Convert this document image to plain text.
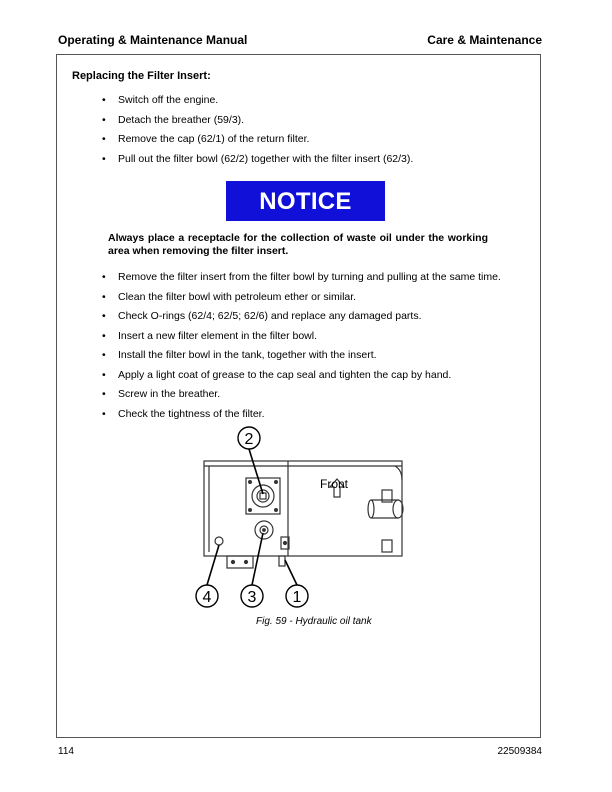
Operating & Maintenance Manual	Care & Maintenance
Replacing the Filter Insert:
• Switch off the engine.
• Detach the breather (59/3).
• Remove the cap (62/1) of the return filter.
• Pull out the filter bowl (62/2) together with the filter insert (62/3).
NOTICE
Always place a receptacle for the collection of waste oil under the working area when removing the filter insert.
• Remove the filter insert from the filter bowl by turning and pulling at the same time.
• Clean the filter bowl with petroleum ether or similar.
• Check O-rings (62/4; 62/5; 62/6) and replace any damaged parts.
• Insert a new filter element in the filter bowl.
• Install the filter bowl in the tank, together with the insert.
• Apply a light coat of grease to the cap seal and tighten the cap by hand.
• Screw in the breather.
• Check the tightness of the filter.
2
4 3 1
Front
Fig. 59 - Hydraulic oil tank
114	22509384
